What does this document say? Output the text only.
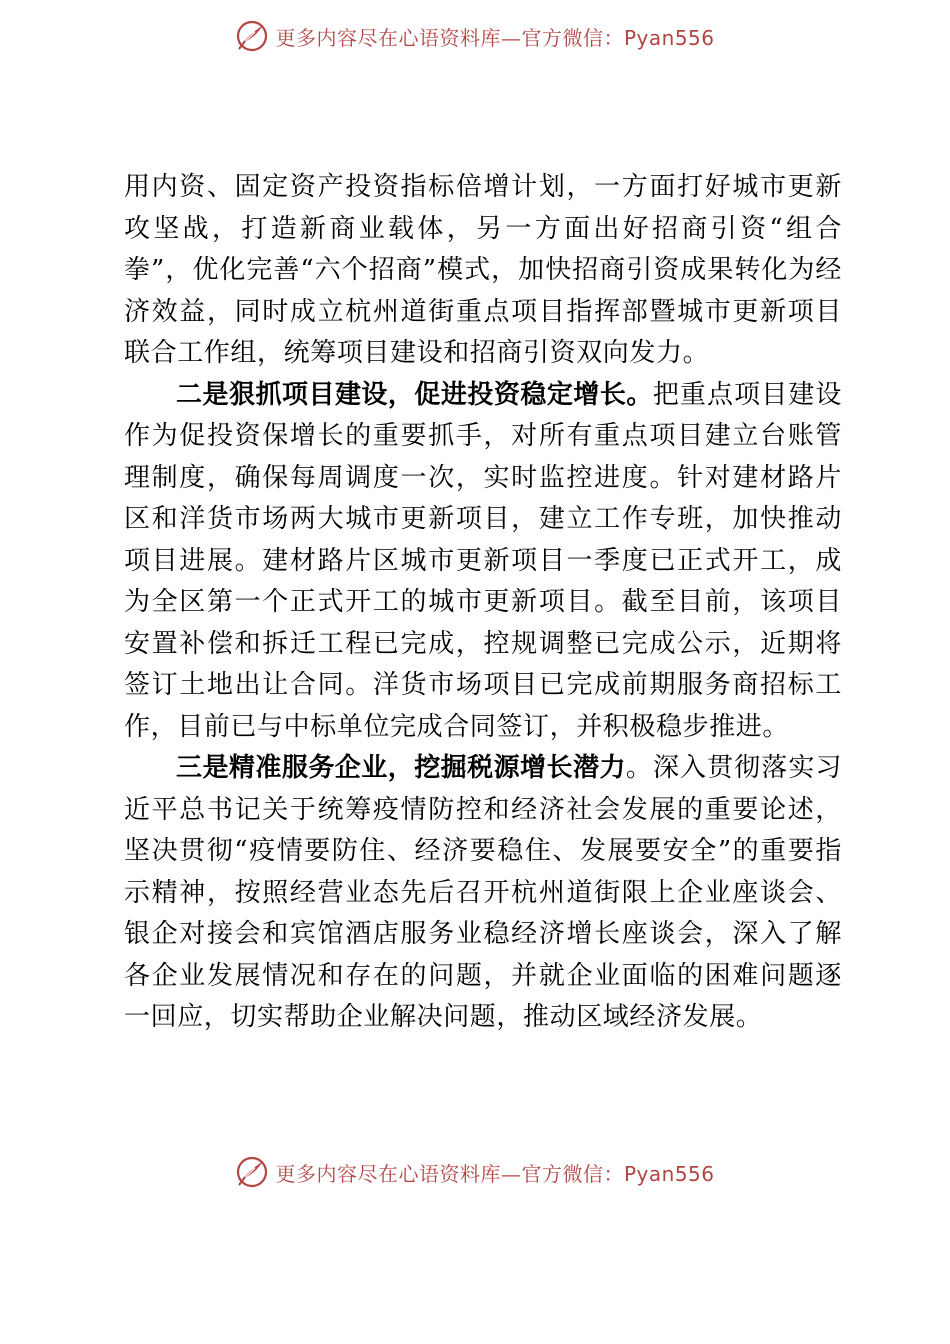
更多内容尽在心语资料库—官方微信：Pyan556

用内资、固定资产投资指标倍增计划，一方面打好城市更新攻坚战，打造新商业载体，另一方面出好招商引资“组合拳”，优化完善“六个招商”模式，加快招商引资成果转化为经济效益，同时成立杭州道街重点项目指挥部暨城市更新项目联合工作组，统筹项目建设和招商引资双向发力。

二是狠抓项目建设，促进投资稳定增长。把重点项目建设作为促投资保增长的重要抓手，对所有重点项目建立台账管理制度，确保每周调度一次，实时监控进度。针对建材路片区和洋货市场两大城市更新项目，建立工作专班，加快推动项目进展。建材路片区城市更新项目一季度已正式开工，成为全区第一个正式开工的城市更新项目。截至目前，该项目安置补偿和拆迁工程已完成，控规调整已完成公示，近期将签订土地出让合同。洋货市场项目已完成前期服务商招标工作，目前已与中标单位完成合同签订，并积极稳步推进。

三是精准服务企业，挖掘税源增长潜力。深入贯彻落实习近平总书记关于统筹疫情防控和经济社会发展的重要论述，坚决贯彻“疫情要防住、经济要稳住、发展要安全”的重要指示精神，按照经营业态先后召开杭州道街限上企业座谈会、银企对接会和宾馆酒店服务业稳经济增长座谈会，深入了解各企业发展情况和存在的问题，并就企业面临的困难问题逐一回应，切实帮助企业解决问题，推动区域经济发展。

更多内容尽在心语资料库—官方微信：Pyan556
